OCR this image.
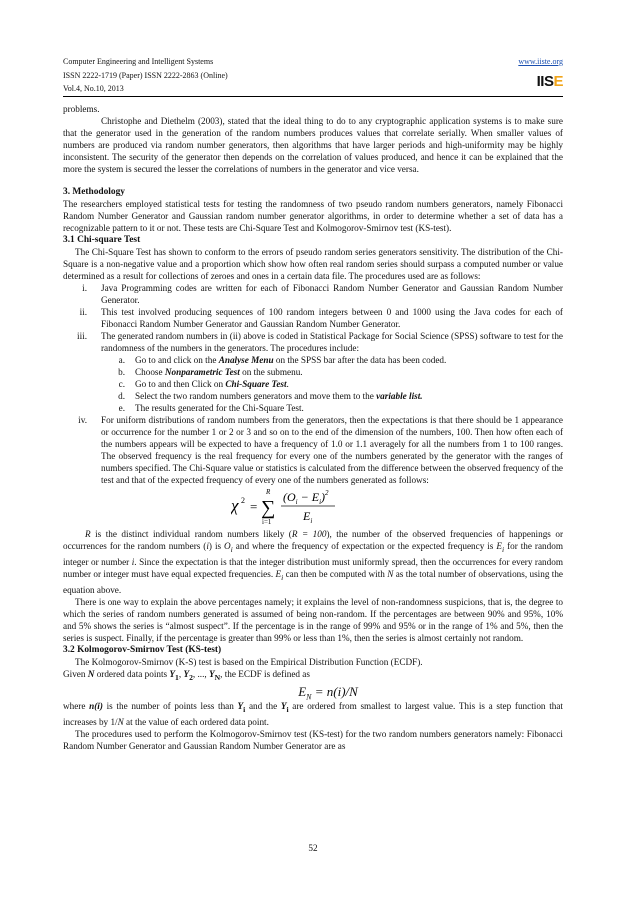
Computer Engineering and Intelligent Systems
ISSN 2222-1719 (Paper) ISSN 2222-2863 (Online)
Vol.4, No.10, 2013
www.iiste.org
IISE

problems.

Christophe and Diethelm (2003), stated that the ideal thing to do to any cryptographic application systems is to make sure that the generator used in the generation of the random numbers produces values that correlate serially. When smaller values of numbers are produced via random number generators, then algorithms that have larger periods and high-uniformity may be highly inconsistent. The security of the generator then depends on the correlation of values produced, and hence it can be explained that the more the system is secured the lesser the correlations of numbers in the generator and vice versa.

3. Methodology

The researchers employed statistical tests for testing the randomness of two pseudo random numbers generators, namely Fibonacci Random Number Generator and Gaussian random number generator algorithms, in order to determine whether a set of data has a recognizable pattern to it or not. These tests are Chi-Square Test and Kolmogorov-Smirnov test (KS-test).

3.1 Chi-square Test

The Chi-Square Test has shown to conform to the errors of pseudo random series generators sensitivity. The distribution of the Chi-Square is a non-negative value and a proportion which show how often real random series should surpass a computed number or value determined as a result for collections of zeroes and ones in a certain data file. The procedures used are as follows:

i.	Java Programming codes are written for each of Fibonacci Random Number Generator and Gaussian Random Number Generator.
ii.	This test involved producing sequences of 100 random integers between 0 and 1000 using the Java codes for each of Fibonacci Random Number Generator and Gaussian Random Number Generator.
iii.	The generated random numbers in (ii) above is coded in Statistical Package for Social Science (SPSS) software to test for the randomness of the numbers in the generators. The procedures include:
a.	Go to and click on the Analyse Menu on the SPSS bar after the data has been coded.
b.	Choose Nonparametric Test on the submenu.
c.	Go to and then Click on Chi-Square Test.
d.	Select the two random numbers generators and move them to the variable list.
e.	The results generated for the Chi-Square Test.
iv.	For uniform distributions of random numbers from the generators, then the expectations is that there should be 1 appearance or occurrence for the number 1 or 2 or 3 and so on to the end of the dimension of the numbers, 100. Then how often each of the numbers appears will be expected to have a frequency of 1.0 or 1.1 averagely for all the numbers from 1 to 100 ranges. The observed frequency is the real frequency for every one of the numbers generated by the generator with the ranges of numbers specified. The Chi-Square value or statistics is calculated from the difference between the observed frequency of the test and that of the expected frequency of every one of the numbers generated as follows:
χ 2 =
R
∑
i=1
$(O_i - E_i)^2$
$E_i$

R is the distinct individual random numbers likely (R = 100), the number of the observed frequencies of happenings or occurrences for the random numbers (i) is $O_i$ and where the frequency of expectation or the expected frequency is $E_i$ for the random integer or number i. Since the expectation is that the integer distribution must uniformly spread, then the occurrences for every random number or integer must have equal expected frequencies. $E_i$ can then be computed with N as the total number of observations, using the equation above.

There is one way to explain the above percentages namely; it explains the level of non-randomness suspicions, that is, the degree to which the series of random numbers generated is assumed of being non-random. If the percentages are between 90% and 95%, 10% and 5% shows the series is “almost suspect”. If the percentage is in the range of 99% and 95% or in the range of 1% and 5%, then the series is suspect. Finally, if the percentage is greater than 99% or less than 1%, then the series is almost certainly not random.

3.2 Kolmogorov-Smirnov Test (KS-test)

The Kolmogorov-Smirnov (K-S) test is based on the Empirical Distribution Function (ECDF).

Given N ordered data points $Y_1$, $Y_2$, ..., $Y_N$, the ECDF is defined as

$E_N = n(i)/N$

where n(i) is the number of points less than $Y_i$ and the $Y_i$ are ordered from smallest to largest value. This is a step function that increases by 1/N at the value of each ordered data point.

The procedures used to perform the Kolmogorov-Smirnov test (KS-test) for the two random numbers generators namely: Fibonacci Random Number Generator and Gaussian Random Number Generator are as

52
